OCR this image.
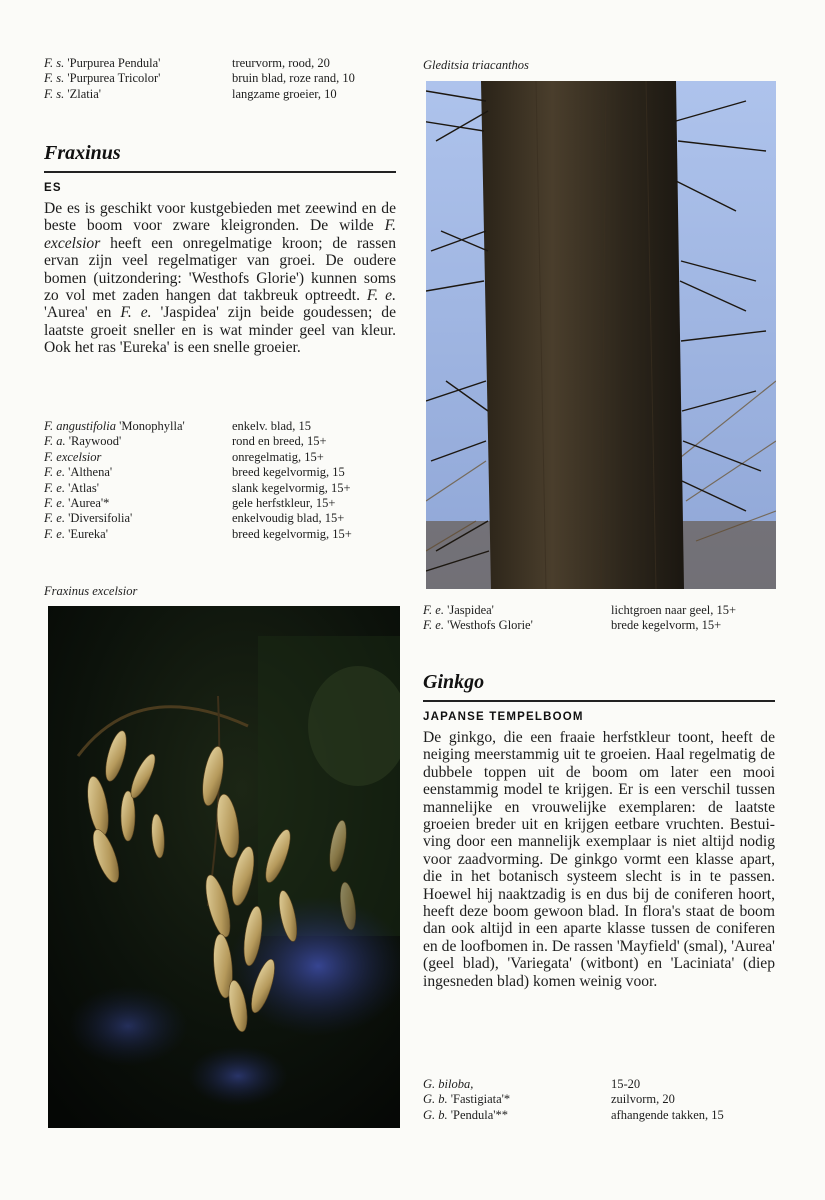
F. s. 'Purpurea Pendula'	treurvorm, rood, 20
F. s. 'Purpurea Tricolor'	bruin blad, roze rand, 10
F. s. 'Zlatia'	langzame groeier, 10
Fraxinus
ES
De es is geschikt voor kustgebieden met zeewind en de beste boom voor zware kleigronden. De wilde F. excelsior heeft een onregelmatige kroon; de rassen ervan zijn veel regelmatiger van groei. De oudere bomen (uitzondering: 'Westhofs Glorie') kunnen soms zo vol met zaden hangen dat takbreuk optreedt. F. e. 'Aurea' en F. e. 'Jaspidea' zijn beide goudessen; de laatste groeit sneller en is wat minder geel van kleur. Ook het ras 'Eureka' is een snelle groeier.
F. angustifolia 'Monophylla'	enkelv. blad, 15
F. a. 'Raywood'	rond en breed, 15+
F. excelsior	onregelmatig, 15+
F. e. 'Althena'	breed kegelvormig, 15
F. e. 'Atlas'	slank kegelvormig, 15+
F. e. 'Aurea'*	gele herfstkleur, 15+
F. e. 'Diversifolia'	enkelvoudig blad, 15+
F. e. 'Eureka'	breed kegelvormig, 15+
Fraxinus excelsior
Gleditsia triacanthos
F. e. 'Jaspidea'	lichtgroen naar geel, 15+
F. e. 'Westhofs Glorie'	brede kegelvorm, 15+
Ginkgo
JAPANSE TEMPELBOOM
De ginkgo, die een fraaie herfstkleur toont, heeft de neiging meerstammig uit te groeien. Haal regelmatig de dubbele toppen uit de boom om later een mooi eenstammig model te krijgen. Er is een verschil tussen mannelijke en vrouwelijke exemplaren: de laatste groeien breder uit en krijgen eetbare vruchten. Bestuiving door een mannelijk exemplaar is niet altijd nodig voor zaadvorming. De ginkgo vormt een klasse apart, die in het botanisch systeem slecht is in te passen. Hoewel hij naaktzadig is en dus bij de coniferen hoort, heeft deze boom gewoon blad. In flora's staat de boom dan ook altijd in een aparte klasse tussen de coniferen en de loofbomen in. De rassen 'Mayfield' (smal), 'Aurea' (geel blad), 'Variegata' (witbont) en 'Laciniata' (diep ingesneden blad) komen weinig voor.
G. biloba,	15-20
G. b. 'Fastigiata'*	zuilvorm, 20
G. b. 'Pendula'**	afhangende takken, 15
